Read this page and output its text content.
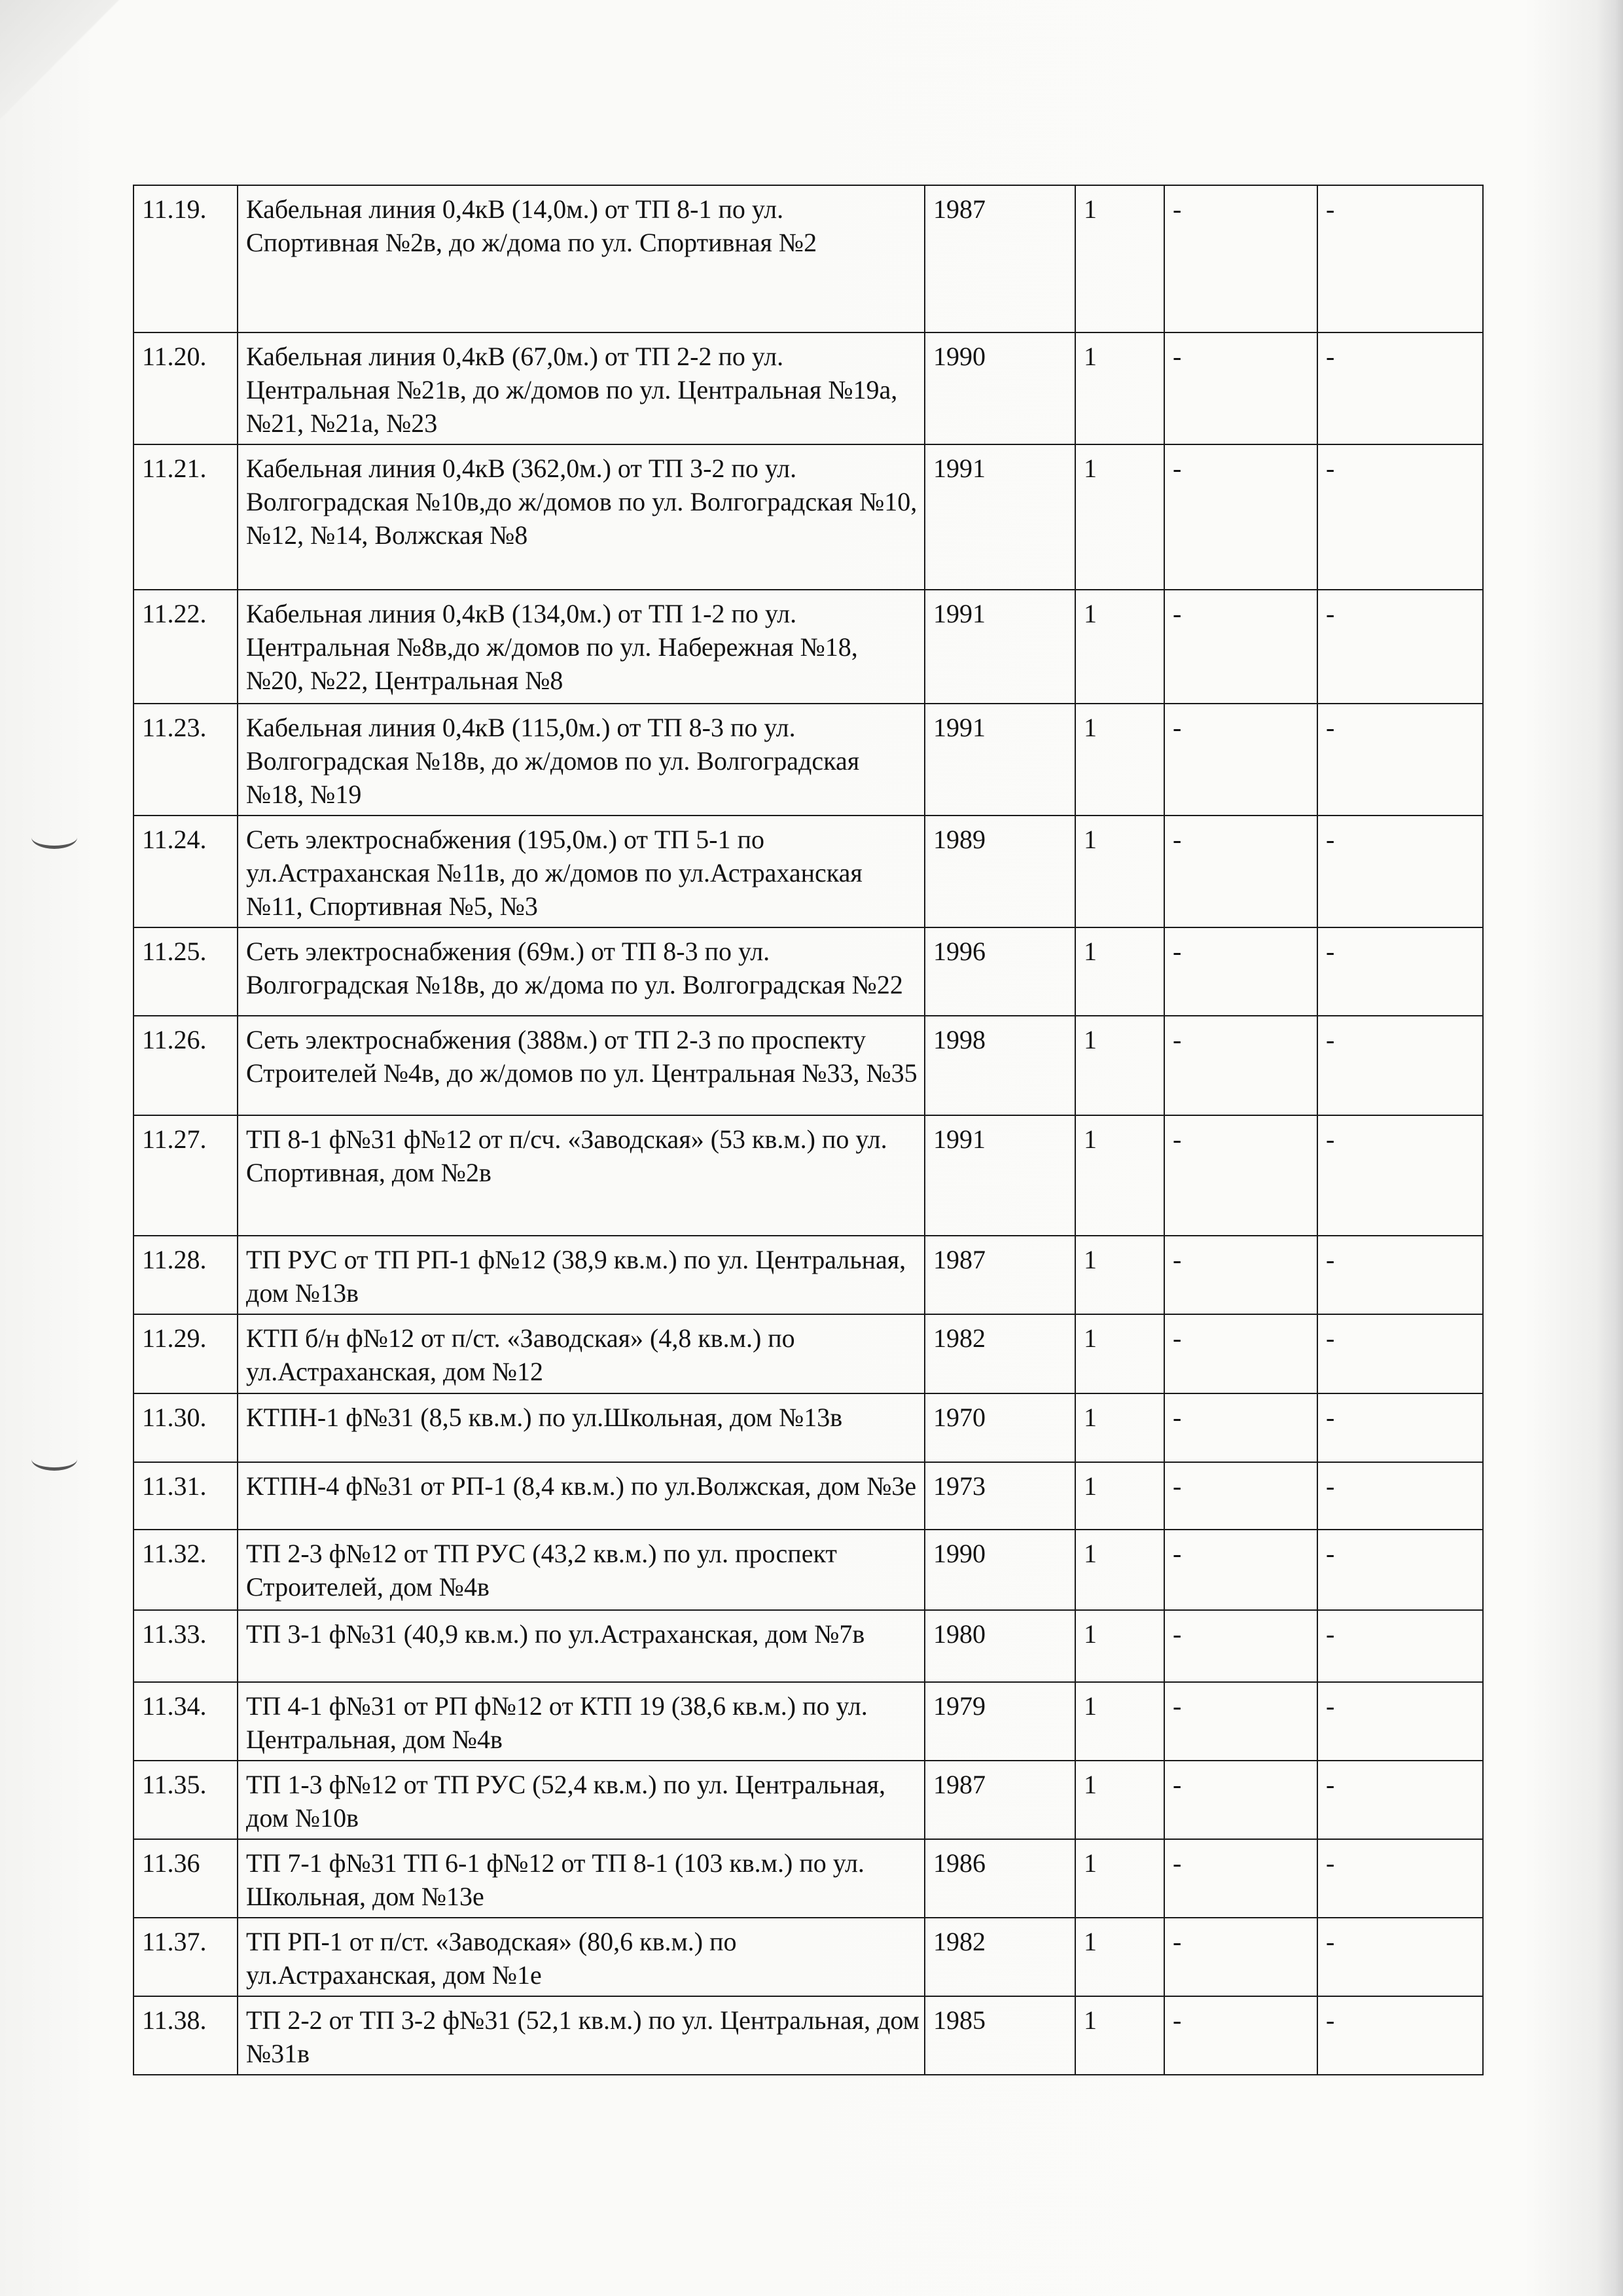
11.19.	Кабельная линия 0,4кВ (14,0м.) от ТП 8-1 по ул. Спортивная №2в, до ж/дома по ул. Спортивная №2	1987	1	-	-
11.20.	Кабельная линия 0,4кВ (67,0м.) от ТП 2-2 по ул. Центральная №21в, до ж/домов по ул. Центральная №19а, №21, №21а, №23	1990	1	-	-
11.21.	Кабельная линия 0,4кВ (362,0м.) от ТП 3-2 по ул. Волгоградская №10в,до ж/домов по ул. Волгоградская №10, №12, №14, Волжская №8	1991	1	-	-
11.22.	Кабельная линия 0,4кВ (134,0м.) от ТП 1-2 по ул. Центральная №8в,до ж/домов по ул. Набережная №18, №20, №22, Центральная №8	1991	1	-	-
11.23.	Кабельная линия 0,4кВ (115,0м.) от ТП 8-3 по ул. Волгоградская №18в, до ж/домов по ул. Волгоградская №18, №19	1991	1	-	-
11.24.	Сеть электроснабжения (195,0м.) от ТП 5-1 по ул.Астраханская №11в, до ж/домов по ул.Астраханская №11, Спортивная №5, №3	1989	1	-	-
11.25.	Сеть электроснабжения (69м.) от ТП 8-3 по ул. Волгоградская №18в, до ж/дома по ул. Волгоградская №22	1996	1	-	-
11.26.	Сеть электроснабжения (388м.) от ТП 2-3 по проспекту Строителей №4в, до ж/домов по ул. Центральная №33, №35	1998	1	-	-
11.27.	ТП 8-1 ф№31 ф№12 от п/сч. «Заводская» (53 кв.м.) по ул. Спортивная, дом №2в	1991	1	-	-
11.28.	ТП РУС от ТП РП-1 ф№12 (38,9 кв.м.) по ул. Центральная, дом №13в	1987	1	-	-
11.29.	КТП б/н ф№12 от п/ст. «Заводская» (4,8 кв.м.) по ул.Астраханская, дом №12	1982	1	-	-
11.30.	КТПН-1 ф№31 (8,5 кв.м.) по ул.Школьная, дом №13в	1970	1	-	-
11.31.	КТПН-4 ф№31 от РП-1 (8,4 кв.м.) по ул.Волжская, дом №3е	1973	1	-	-
11.32.	ТП 2-3 ф№12 от ТП РУС (43,2 кв.м.) по ул. проспект Строителей, дом №4в	1990	1	-	-
11.33.	ТП 3-1 ф№31 (40,9 кв.м.) по ул.Астраханская, дом №7в	1980	1	-	-
11.34.	ТП 4-1 ф№31 от РП ф№12 от КТП 19 (38,6 кв.м.) по ул. Центральная, дом №4в	1979	1	-	-
11.35.	ТП 1-3 ф№12 от ТП РУС (52,4 кв.м.) по ул. Центральная, дом №10в	1987	1	-	-
11.36	ТП 7-1 ф№31 ТП 6-1 ф№12 от ТП 8-1 (103 кв.м.) по ул. Школьная, дом №13е	1986	1	-	-
11.37.	ТП РП-1 от п/ст. «Заводская» (80,6 кв.м.) по ул.Астраханская, дом №1е	1982	1	-	-
11.38.	ТП 2-2 от ТП 3-2 ф№31 (52,1 кв.м.) по ул. Центральная, дом №31в	1985	1	-	-
